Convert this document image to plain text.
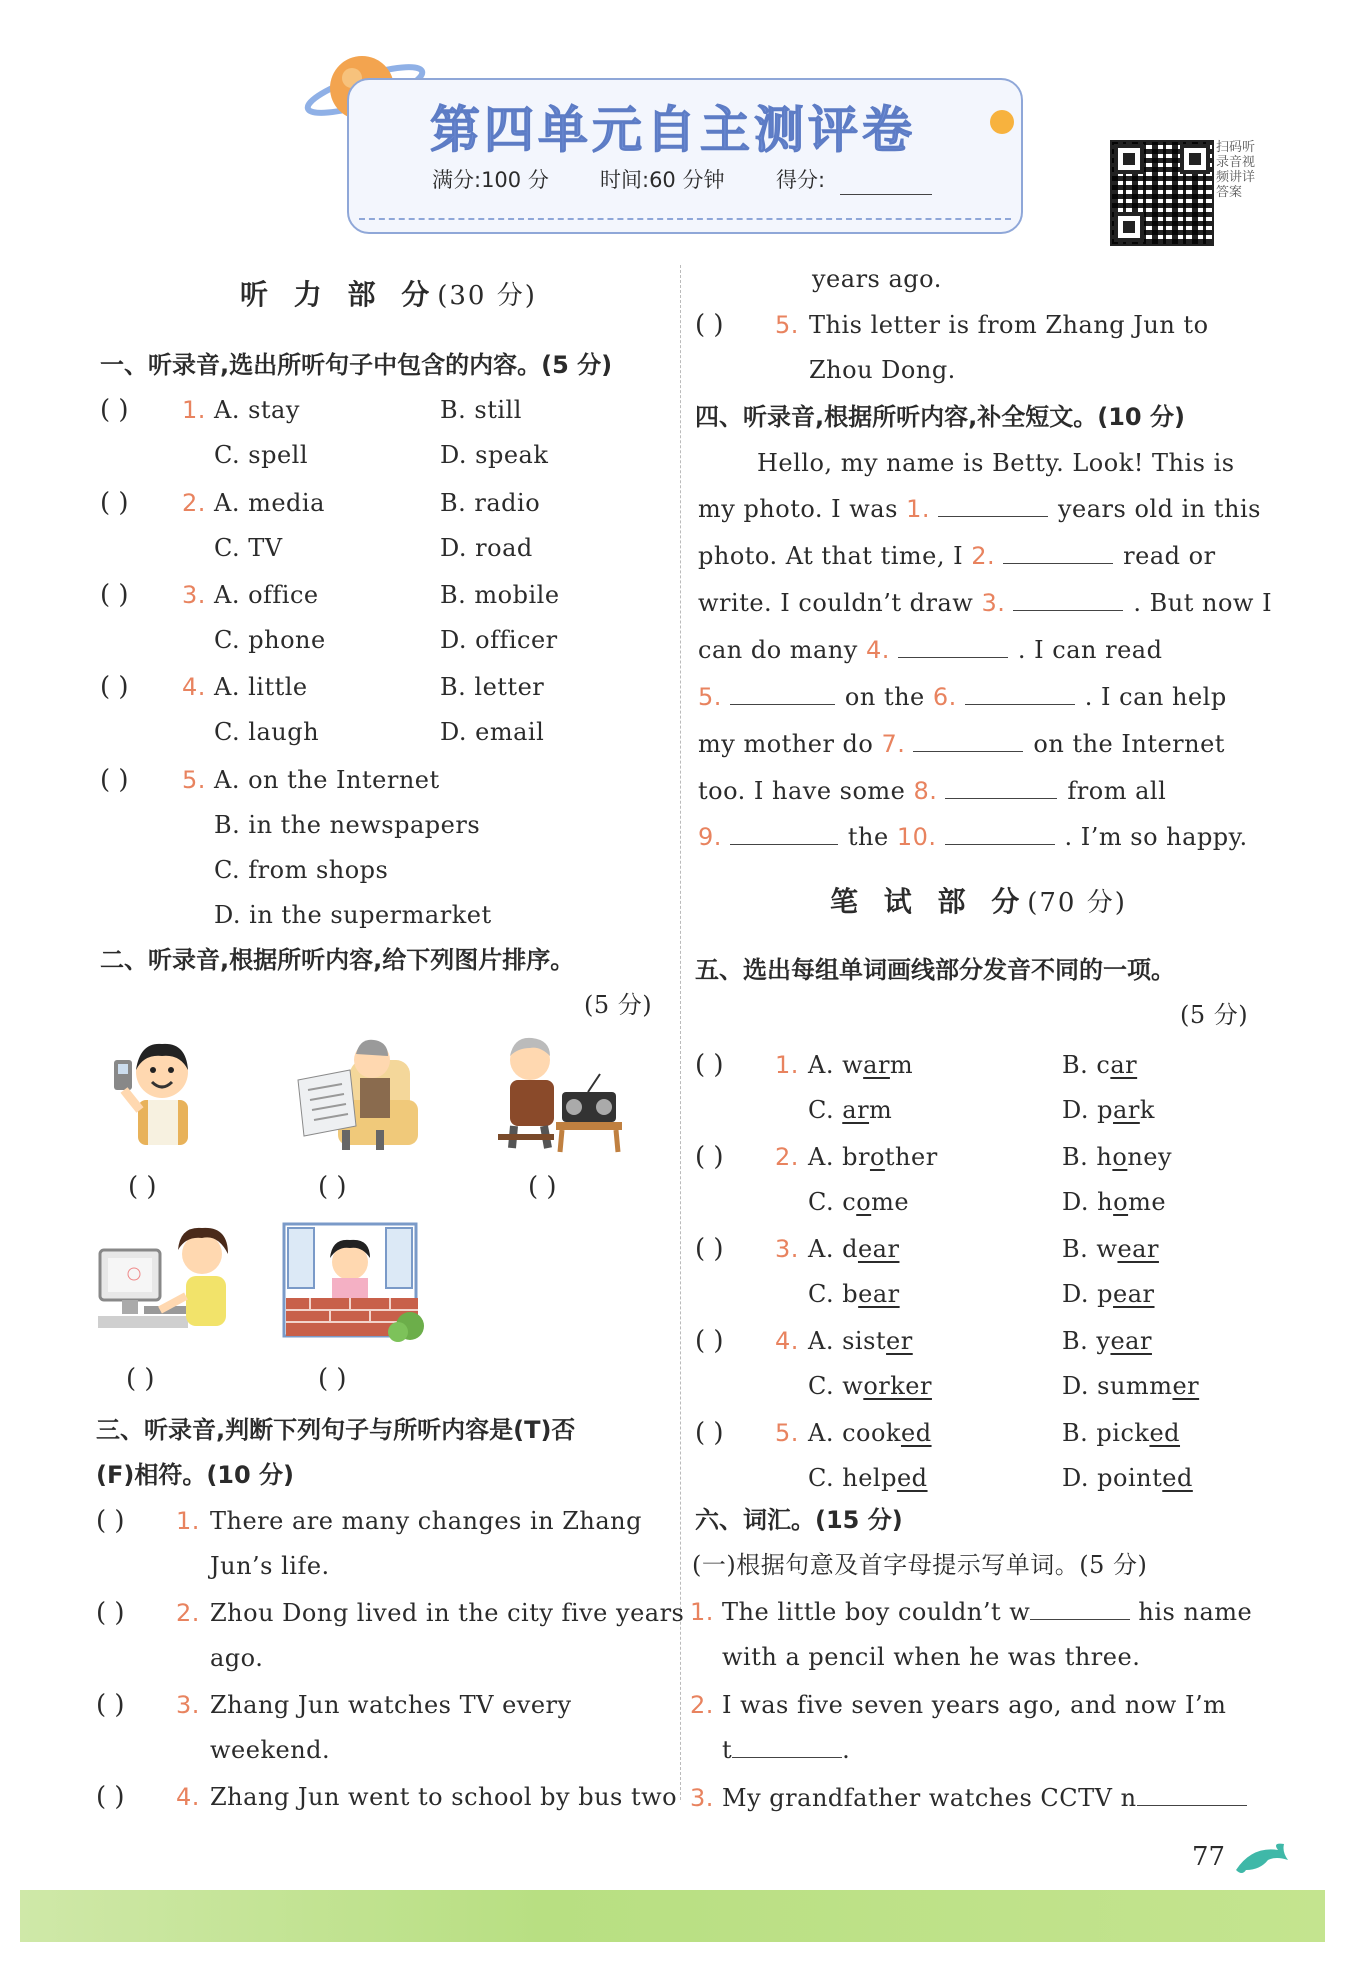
第四单元自主测评卷
满分:100 分 时间:60 分钟 得分:
扫码听录音视频讲详答案
听 力 部 分(30 分)
一、听录音,选出所听句子中包含的内容。(5 分)
( ) 1. A. stay	B. still
C. spell	D. speak
( ) 2. A. media	B. radio
C. TV	D. road
( ) 3. A. office	B. mobile
C. phone	D. officer
( ) 4. A. little	B. letter
C. laugh	D. email
( ) 5. A. on the Internet
B. in the newspapers
C. from shops
D. in the supermarket
二、听录音,根据所听内容,给下列图片排序。
(5 分)
( )	( )	( )
( )	( )
三、听录音,判断下列句子与所听内容是(T)否
(F)相符。(10 分)
( ) 1. There are many changes in Zhang
Jun’s life.
( ) 2. Zhou Dong lived in the city five years
ago.
( ) 3. Zhang Jun watches TV every
weekend.
( ) 4. Zhang Jun went to school by bus two
years ago.
( ) 5. This letter is from Zhang Jun to
Zhou Dong.
四、听录音,根据所听内容,补全短文。(10 分)
Hello, my name is Betty. Look! This is
my photo. I was 1.	years old in this
photo. At that time, I 2.	read or
write. I couldn’t draw 3.	. But now I
can do many 4.	. I can read
5.	on the 6.	. I can help
my mother do 7.	on the Internet
too. I have some 8.	from all
9.	the 10.	. I’m so happy.
笔 试 部 分(70 分)
五、选出每组单词画线部分发音不同的一项。
(5 分)
( ) 1. A. warm	B. car
C. arm	D. park
( ) 2. A. brother	B. honey
C. come	D. home
( ) 3. A. dear	B. wear
C. bear	D. pear
( ) 4. A. sister	B. year
C. worker	D. summer
( ) 5. A. cooked	B. picked
C. helped	D. pointed
六、词汇。(15 分)
(一)根据句意及首字母提示写单词。(5 分)
1. The little boy couldn’t w	his name
with a pencil when he was three.
2. I was five seven years ago, and now I’m
t	.
3. My grandfather watches CCTV n
77
